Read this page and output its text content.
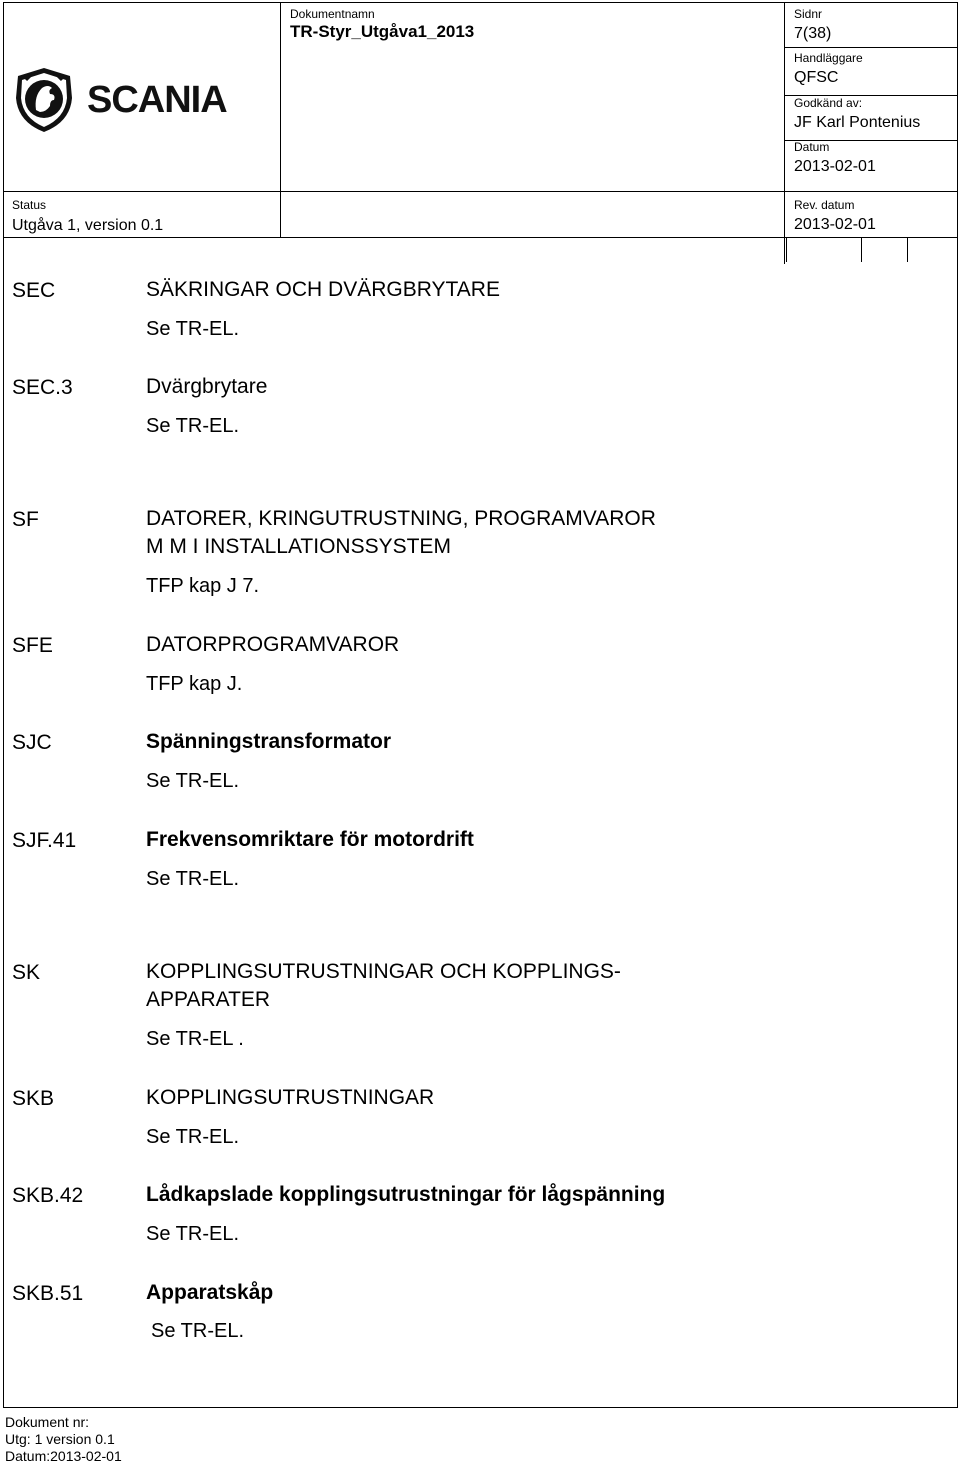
SCANIA
Dokumentnamn
TR-Styr_Utgåva1_2013
Sidnr
7(38)
Handläggare
QFSC
Godkänd av:
JF Karl Pontenius
Datum
2013-02-01
Status
Utgåva 1, version 0.1
Rev. datum
2013-02-01
SEC	SÄKRINGAR OCH DVÄRGBRYTARE
Se TR-EL.
SEC.3	Dvärgbrytare
Se TR-EL.
SF	DATORER, KRINGUTRUSTNING, PROGRAMVAROR
M M I INSTALLATIONSSYSTEM
TFP kap J 7.
SFE	DATORPROGRAMVAROR
TFP kap J.
SJC	Spänningstransformator
Se TR-EL.
SJF.41	Frekvensomriktare för motordrift
Se TR-EL.
SK	KOPPLINGSUTRUSTNINGAR OCH KOPPLINGS-
APPARATER
Se TR-EL .
SKB	KOPPLINGSUTRUSTNINGAR
Se TR-EL.
SKB.42	Lådkapslade kopplingsutrustningar för lågspänning
Se TR-EL.
SKB.51	Apparatskåp
Se TR-EL.
Dokument nr:
Utg: 1 version 0.1
Datum:2013-02-01
